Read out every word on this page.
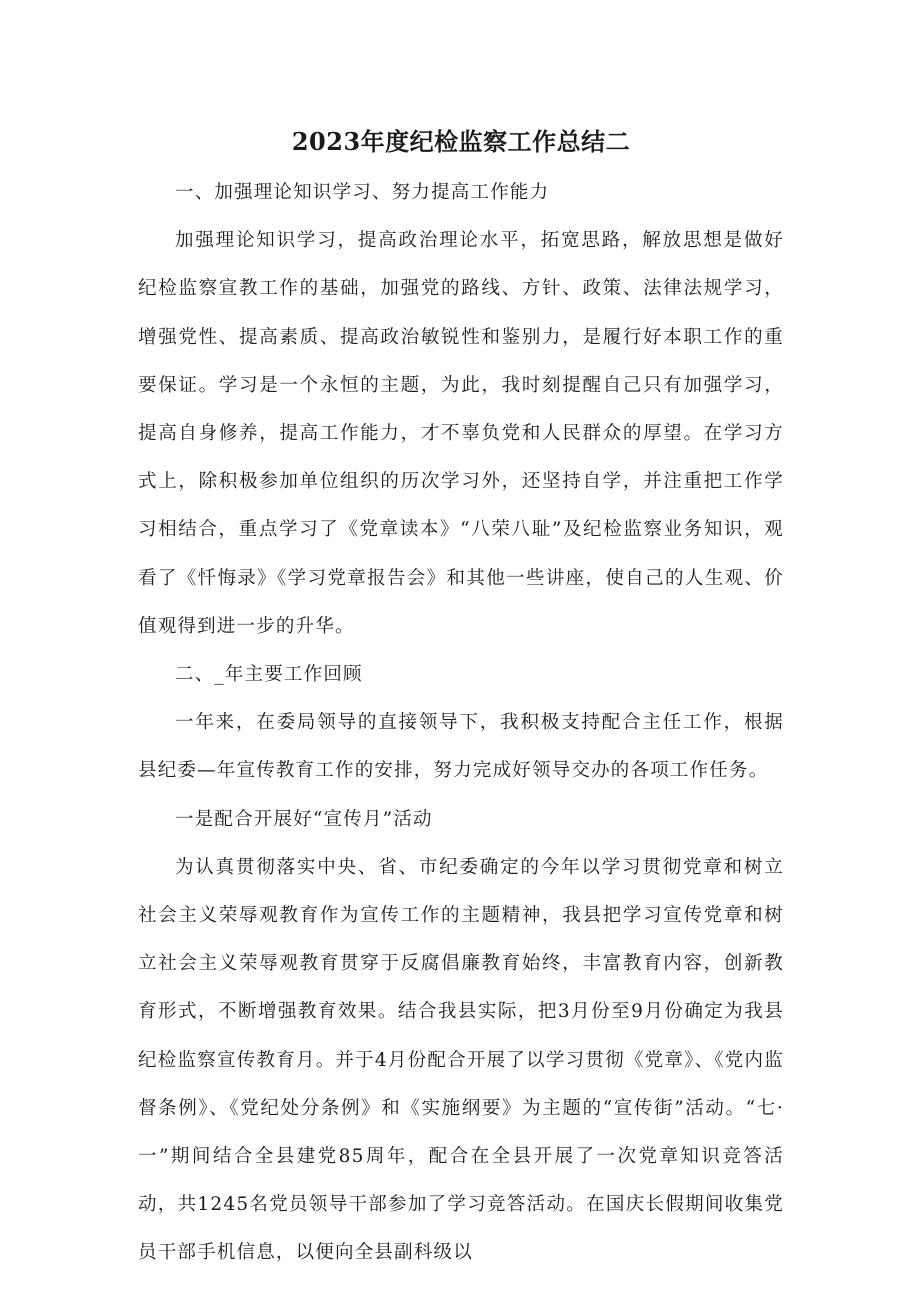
2023年度纪检监察工作总结二

一、加强理论知识学习、努力提高工作能力

加强理论知识学习，提高政治理论水平，拓宽思路，解放思想是做好纪检监察宣教工作的基础，加强党的路线、方针、政策、法律法规学习，增强党性、提高素质、提高政治敏锐性和鉴别力，是履行好本职工作的重要保证。学习是一个永恒的主题，为此，我时刻提醒自己只有加强学习，提高自身修养，提高工作能力，才不辜负党和人民群众的厚望。在学习方式上，除积极参加单位组织的历次学习外，还坚持自学，并注重把工作学习相结合，重点学习了《党章读本》“八荣八耻”及纪检监察业务知识，观看了《忏悔录》《学习党章报告会》和其他一些讲座，使自己的人生观、价值观得到进一步的升华。

二、_年主要工作回顾

一年来，在委局领导的直接领导下，我积极支持配合主任工作，根据县纪委—年宣传教育工作的安排，努力完成好领导交办的各项工作任务。

一是配合开展好“宣传月”活动

为认真贯彻落实中央、省、市纪委确定的今年以学习贯彻党章和树立社会主义荣辱观教育作为宣传工作的主题精神，我县把学习宣传党章和树立社会主义荣辱观教育贯穿于反腐倡廉教育始终，丰富教育内容，创新教育形式，不断增强教育效果。结合我县实际，把3月份至9月份确定为我县纪检监察宣传教育月。并于4月份配合开展了以学习贯彻《党章》、《党内监督条例》、《党纪处分条例》和《实施纲要》为主题的“宣传街”活动。“七·一”期间结合全县建党85周年，配合在全县开展了一次党章知识竞答活动，共1245名党员领导干部参加了学习竞答活动。在国庆长假期间收集党员干部手机信息，以便向全县副科级以
